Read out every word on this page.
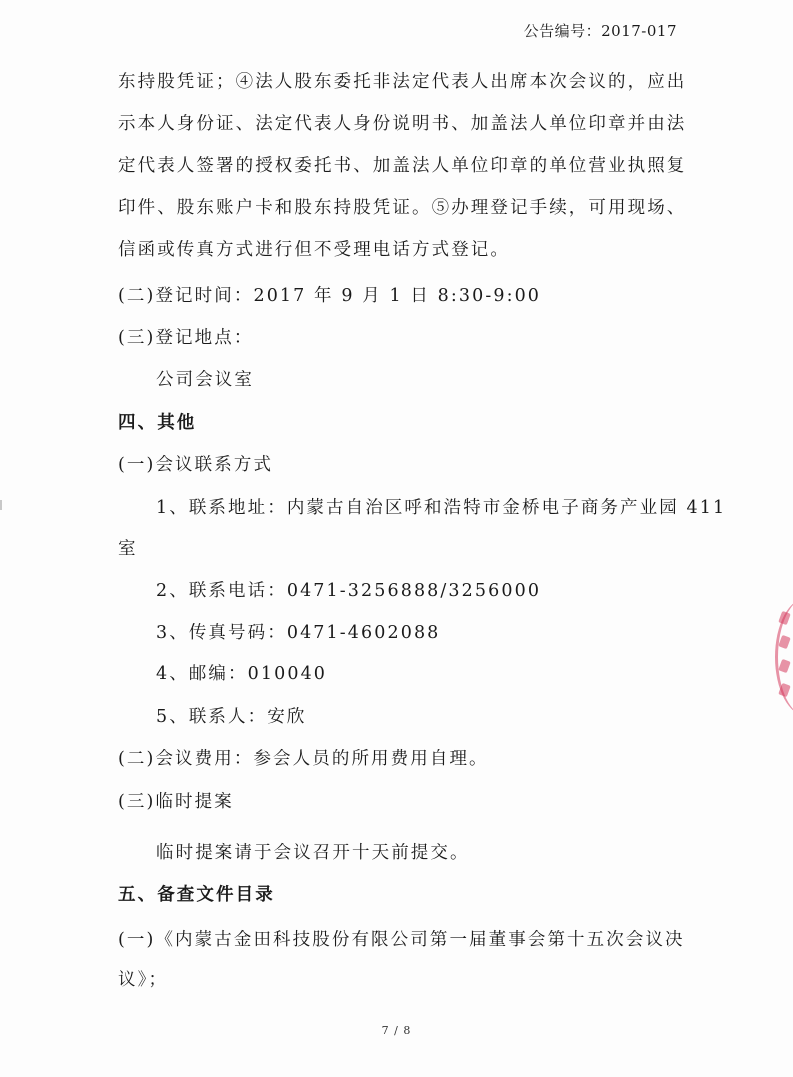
公告编号：2017-017
东持股凭证；④法人股东委托非法定代表人出席本次会议的，应出
示本人身份证、法定代表人身份说明书、加盖法人单位印章并由法
定代表人签署的授权委托书、加盖法人单位印章的单位营业执照复
印件、股东账户卡和股东持股凭证。⑤办理登记手续，可用现场、
信函或传真方式进行但不受理电话方式登记。
(二)登记时间：2017 年 9 月 1 日 8:30-9:00
(三)登记地点：
公司会议室
四、其他
(一)会议联系方式
1、联系地址：内蒙古自治区呼和浩特市金桥电子商务产业园 411
室
2、联系电话：0471-3256888/3256000
3、传真号码：0471-4602088
4、邮编：010040
5、联系人：安欣
(二)会议费用：参会人员的所用费用自理。
(三)临时提案
临时提案请于会议召开十天前提交。
五、备查文件目录
(一)《内蒙古金田科技股份有限公司第一届董事会第十五次会议决
议》；
7 / 8
